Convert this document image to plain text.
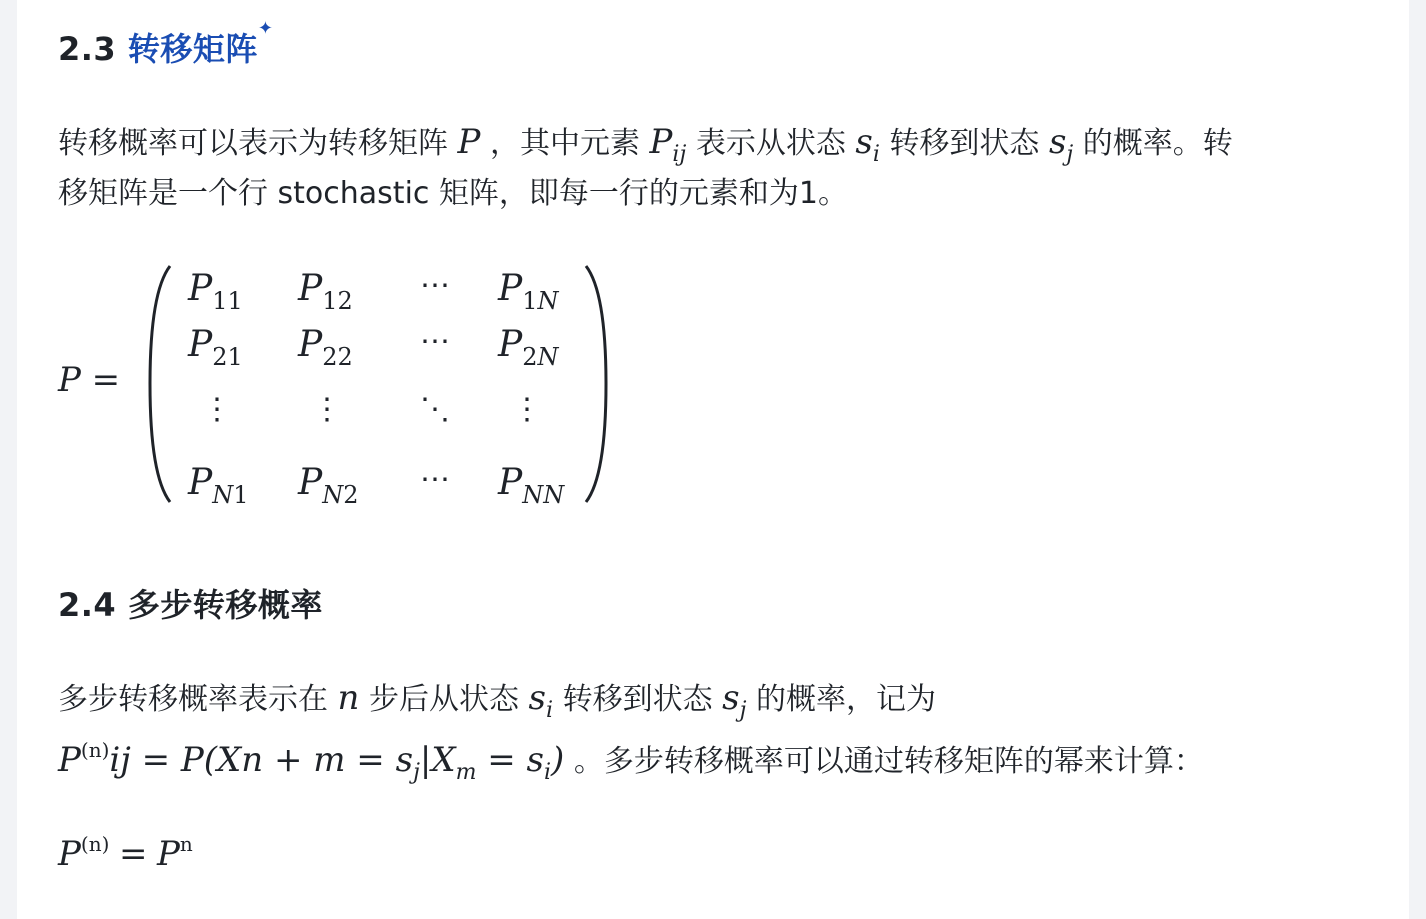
2.3 转移矩阵✦
转移概率可以表示为转移矩阵 P ，其中元素 $P_{ij}$ 表示从状态 $s_i$ 转移到状态 $s_j$ 的概率。转
移矩阵是一个行 stochastic 矩阵，即每一行的元素和为1。
P =
$P_{11}$ $P_{12}$ ⋯ $P_{1N}$
$P_{21}$ $P_{22}$ ⋯ $P_{2N}$
⋮	⋮	⋱ ⋮
$P_{N1}$ $P_{N2}$ ⋯ $P_{NN}$
2.4 多步转移概率
多步转移概率表示在 n 步后从状态 $s_i$ 转移到状态 $s_j$ 的概率，记为
$P^{(n)}ij = P(Xn + m = s_j|X_m = s_i)$ 。多步转移概率可以通过转移矩阵的幂来计算：
$P^{(n)} = P^n$
